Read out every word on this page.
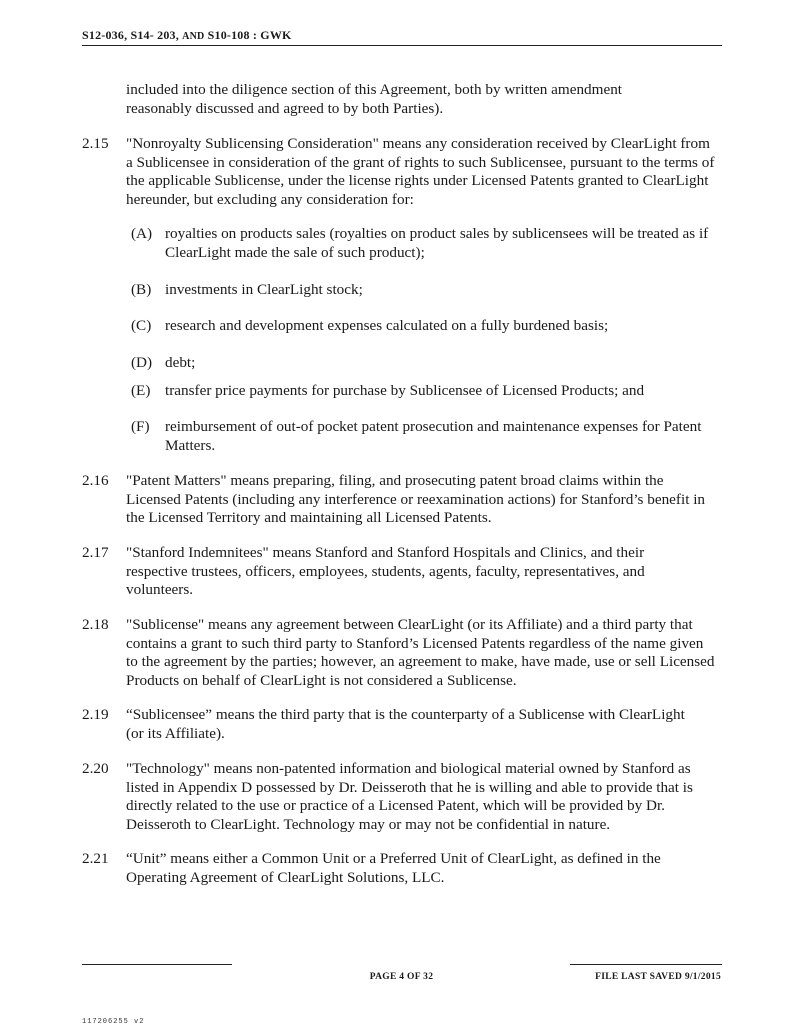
S12-036, S14- 203, AND S10-108 : GWK
included into the diligence section of this Agreement, both by written amendment reasonably discussed and agreed to by both Parties).
2.15 "Nonroyalty Sublicensing Consideration" means any consideration received by ClearLight from a Sublicensee in consideration of the grant of rights to such Sublicensee, pursuant to the terms of the applicable Sublicense, under the license rights under Licensed Patents granted to ClearLight hereunder, but excluding any consideration for:
(A) royalties on products sales (royalties on product sales by sublicensees will be treated as if ClearLight made the sale of such product);
(B) investments in ClearLight stock;
(C) research and development expenses calculated on a fully burdened basis;
(D) debt;
(E) transfer price payments for purchase by Sublicensee of Licensed Products; and
(F) reimbursement of out-of pocket patent prosecution and maintenance expenses for Patent Matters.
2.16 "Patent Matters" means preparing, filing, and prosecuting patent broad claims within the Licensed Patents (including any interference or reexamination actions) for Stanford’s benefit in the Licensed Territory and maintaining all Licensed Patents.
2.17 "Stanford Indemnitees" means Stanford and Stanford Hospitals and Clinics, and their respective trustees, officers, employees, students, agents, faculty, representatives, and volunteers.
2.18 "Sublicense" means any agreement between ClearLight (or its Affiliate) and a third party that contains a grant to such third party to Stanford’s Licensed Patents regardless of the name given to the agreement by the parties; however, an agreement to make, have made, use or sell Licensed Products on behalf of ClearLight is not considered a Sublicense.
2.19 “Sublicensee” means the third party that is the counterparty of a Sublicense with ClearLight (or its Affiliate).
2.20 "Technology" means non-patented information and biological material owned by Stanford as listed in Appendix D possessed by Dr. Deisseroth that he is willing and able to provide that is directly related to the use or practice of a Licensed Patent, which will be provided by Dr. Deisseroth to ClearLight. Technology may or may not be confidential in nature.
2.21 “Unit” means either a Common Unit or a Preferred Unit of ClearLight, as defined in the Operating Agreement of ClearLight Solutions, LLC.
PAGE 4 OF 32	FILE LAST SAVED 9/1/2015
117206255 v2
